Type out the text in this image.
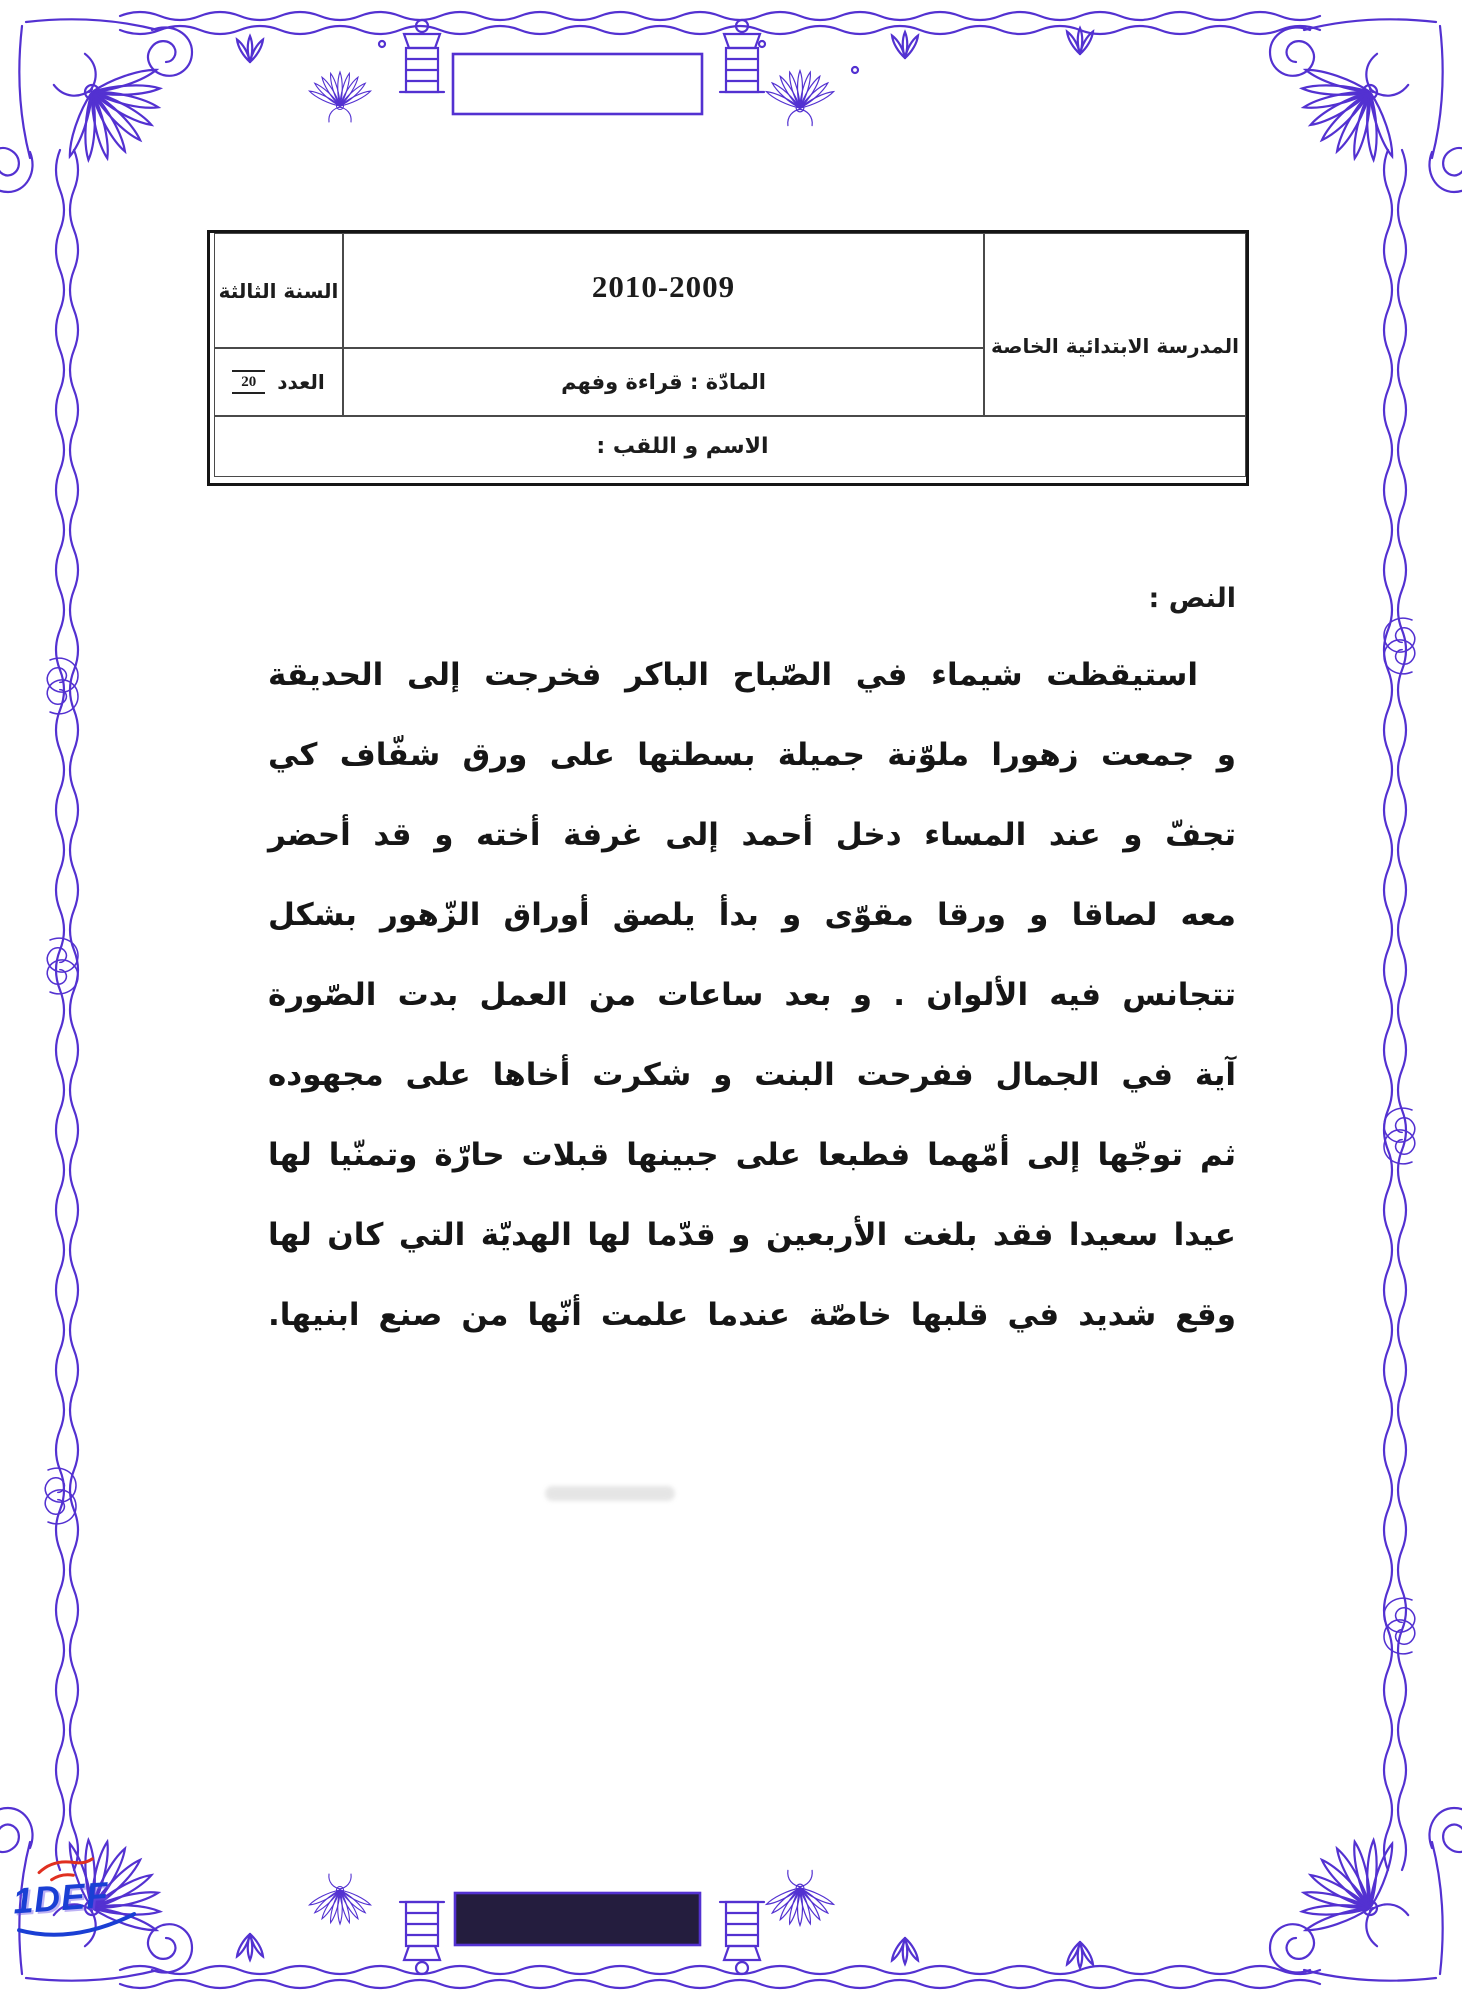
المدرسة الابتدائية الخاصة
2010-2009
السنة الثالثة
المادّة : قراءة وفهم
العدد
20
الاسم و اللقب :
النص :
استيقظت شيماء في الصّباح الباكر فخرجت إلى الحديقة
و جمعت زهورا ملوّنة جميلة بسطتها على ورق شفّاف كي
تجفّ و عند المساء دخل أحمد إلى غرفة أخته و قد أحضر
معه لصاقا و ورقا مقوّى و بدأ يلصق أوراق الزّهور بشكل
تتجانس فيه الألوان . و بعد ساعات من العمل بدت الصّورة
آية في الجمال ففرحت البنت و شكرت أخاها على مجهوده
ثم توجّها إلى أمّهما فطبعا على جبينها قبلات حارّة وتمنّيا لها
عيدا سعيدا فقد بلغت الأربعين و قدّما لها الهديّة التي كان لها
وقع شديد في قلبها خاصّة عندما علمت أنّها من صنع ابنيها.
1DEF
